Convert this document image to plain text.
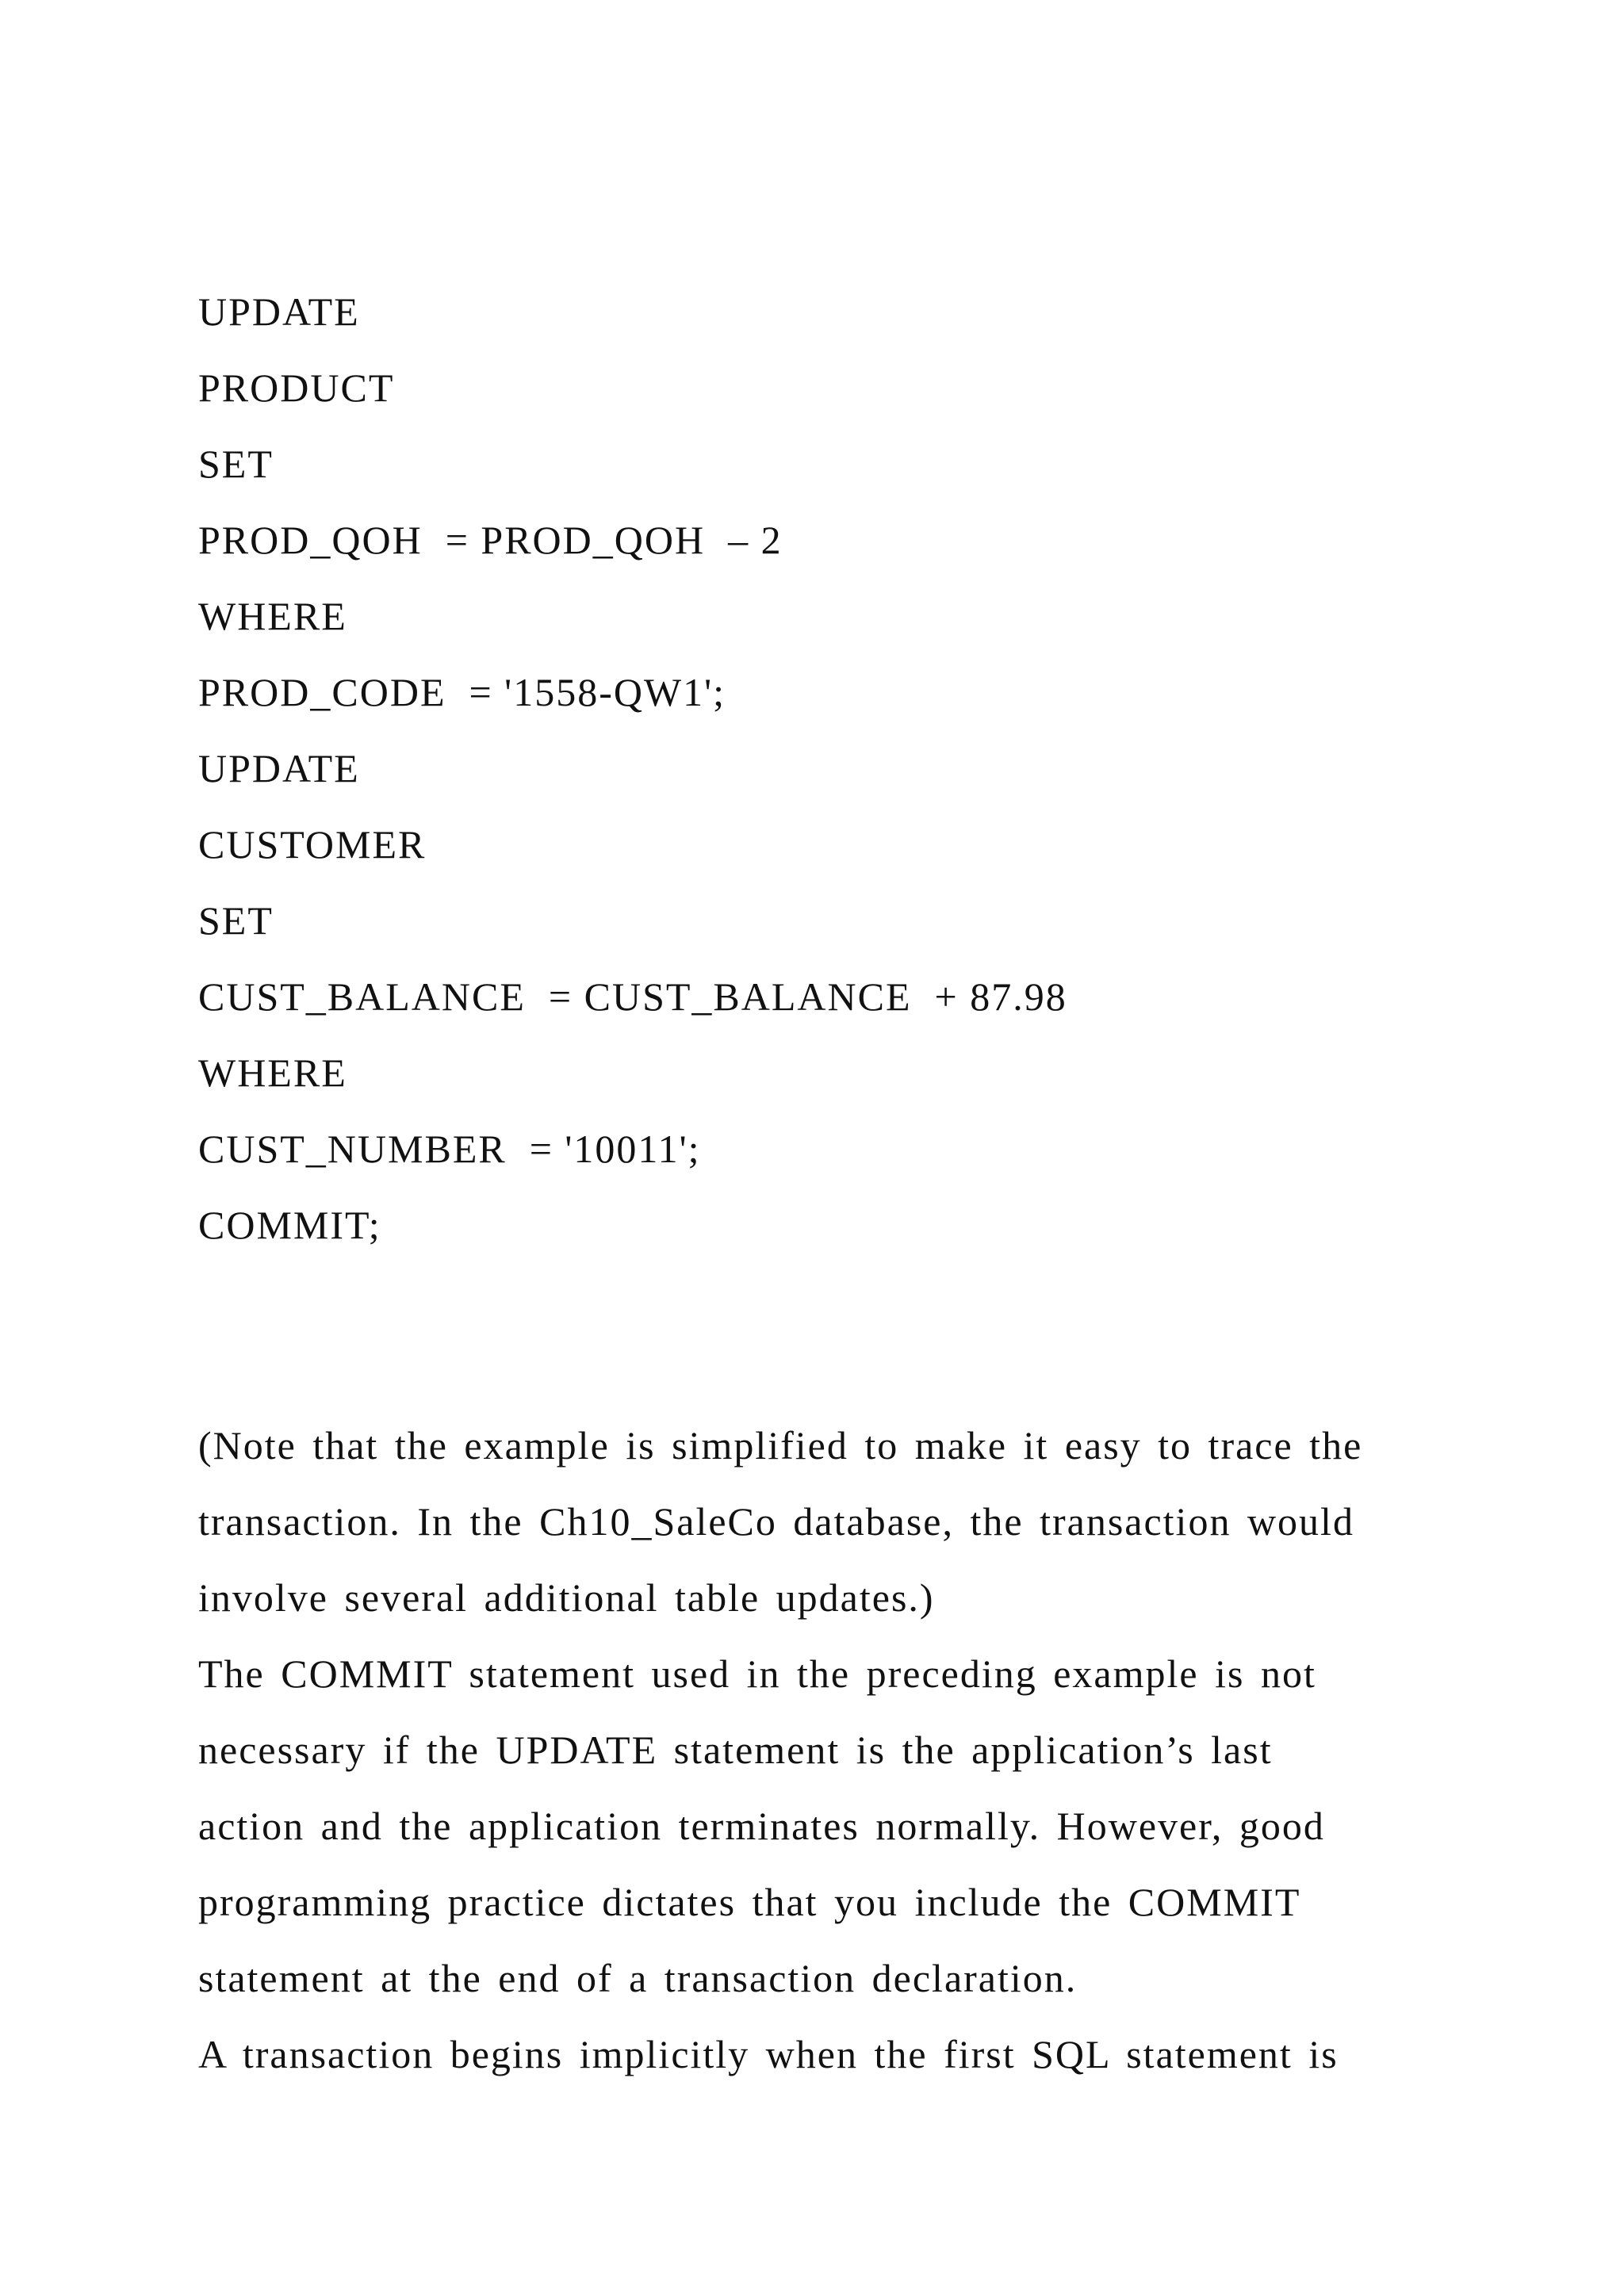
UPDATE
PRODUCT
SET
PROD_QOH  = PROD_QOH  – 2
WHERE
PROD_CODE  = '1558-QW1';
UPDATE
CUSTOMER
SET
CUST_BALANCE  = CUST_BALANCE  + 87.98
WHERE
CUST_NUMBER  = '10011';
COMMIT;
(Note that the example is simplified to make it easy to trace the
transaction. In the Ch10_SaleCo database, the transaction would
involve several additional table updates.)
The COMMIT statement used in the preceding example is not
necessary if the UPDATE statement is the application’s last
action and the application terminates normally. However, good
programming practice dictates that you include the COMMIT
statement at the end of a transaction declaration.
A transaction begins implicitly when the first SQL statement is
